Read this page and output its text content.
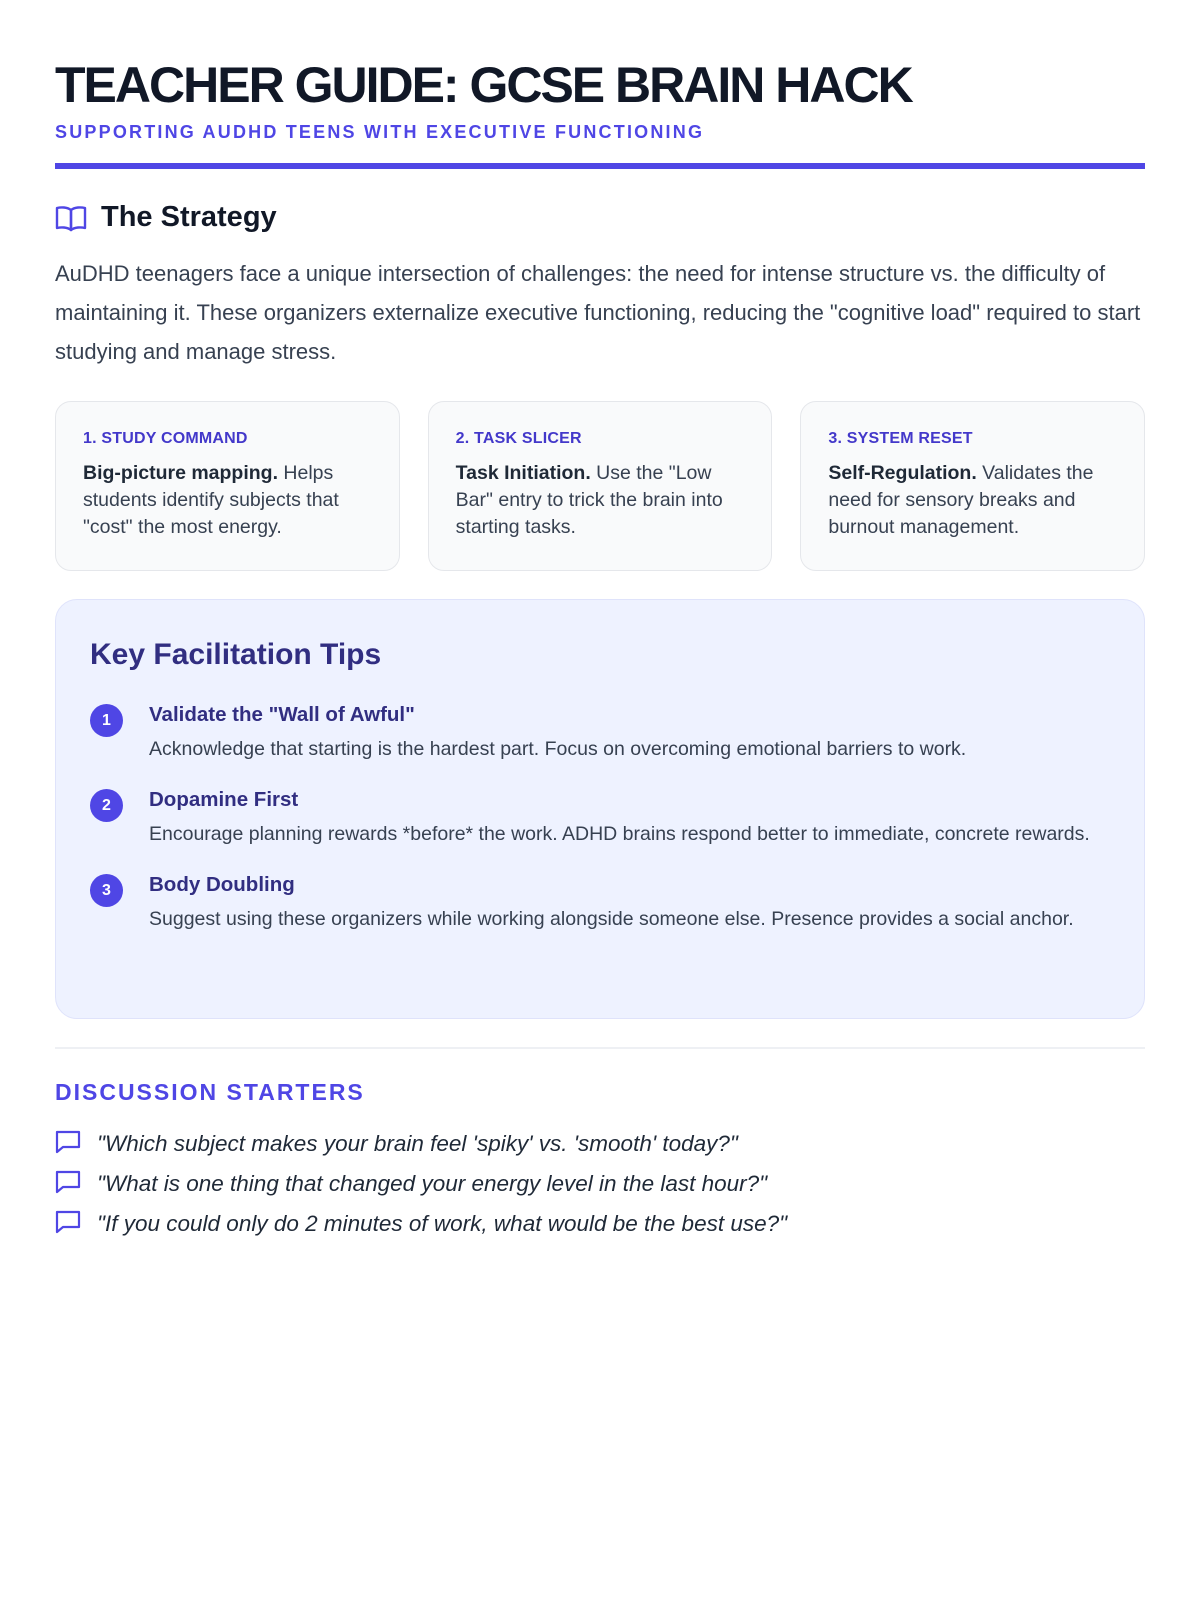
TEACHER GUIDE: GCSE BRAIN HACK
SUPPORTING AUDHD TEENS WITH EXECUTIVE FUNCTIONING
The Strategy

AuDHD teenagers face a unique intersection of challenges: the need for intense structure vs. the difficulty of maintaining it. These organizers externalize executive functioning, reducing the "cognitive load" required to start studying and manage stress.

1. STUDY COMMAND
Big-picture mapping. Helps students identify subjects that "cost" the most energy.
2. TASK SLICER
Task Initiation. Use the "Low Bar" entry to trick the brain into starting tasks.
3. SYSTEM RESET
Self-Regulation. Validates the need for sensory breaks and burnout management.
Key Facilitation Tips
1	Validate the "Wall of Awful"
Acknowledge that starting is the hardest part. Focus on overcoming emotional barriers to work.
2	Dopamine First
Encourage planning rewards *before* the work. ADHD brains respond better to immediate, concrete rewards.
3	Body Doubling
Suggest using these organizers while working alongside someone else. Presence provides a social anchor.
DISCUSSION STARTERS
"Which subject makes your brain feel 'spiky' vs. 'smooth' today?"
"What is one thing that changed your energy level in the last hour?"
"If you could only do 2 minutes of work, what would be the best use?"
